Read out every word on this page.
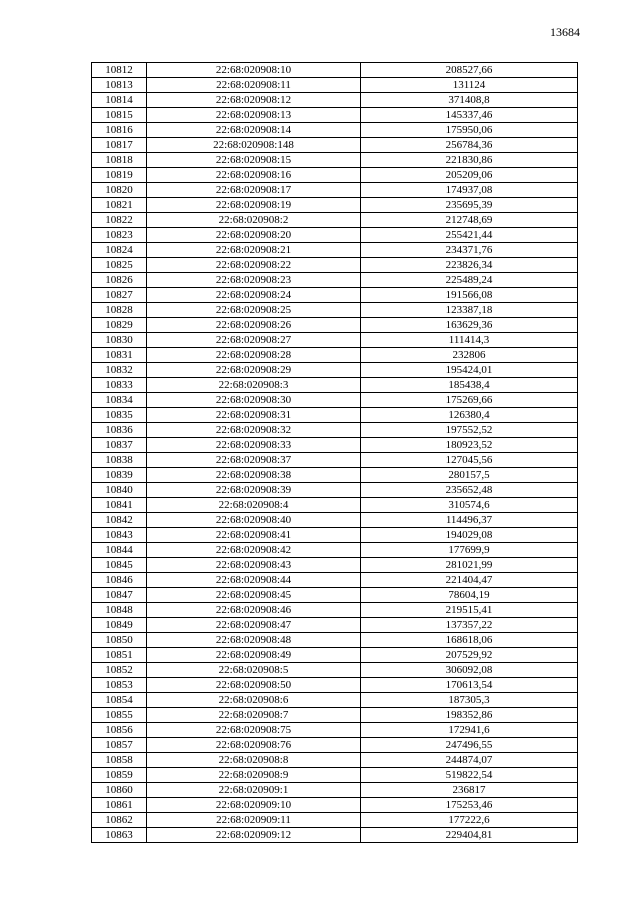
13684
10812	22:68:020908:10	208527,66
10813	22:68:020908:11	131124
10814	22:68:020908:12	371408,8
10815	22:68:020908:13	145337,46
10816	22:68:020908:14	175950,06
10817	22:68:020908:148	256784,36
10818	22:68:020908:15	221830,86
10819	22:68:020908:16	205209,06
10820	22:68:020908:17	174937,08
10821	22:68:020908:19	235695,39
10822	22:68:020908:2	212748,69
10823	22:68:020908:20	255421,44
10824	22:68:020908:21	234371,76
10825	22:68:020908:22	223826,34
10826	22:68:020908:23	225489,24
10827	22:68:020908:24	191566,08
10828	22:68:020908:25	123387,18
10829	22:68:020908:26	163629,36
10830	22:68:020908:27	111414,3
10831	22:68:020908:28	232806
10832	22:68:020908:29	195424,01
10833	22:68:020908:3	185438,4
10834	22:68:020908:30	175269,66
10835	22:68:020908:31	126380,4
10836	22:68:020908:32	197552,52
10837	22:68:020908:33	180923,52
10838	22:68:020908:37	127045,56
10839	22:68:020908:38	280157,5
10840	22:68:020908:39	235652,48
10841	22:68:020908:4	310574,6
10842	22:68:020908:40	114496,37
10843	22:68:020908:41	194029,08
10844	22:68:020908:42	177699,9
10845	22:68:020908:43	281021,99
10846	22:68:020908:44	221404,47
10847	22:68:020908:45	78604,19
10848	22:68:020908:46	219515,41
10849	22:68:020908:47	137357,22
10850	22:68:020908:48	168618,06
10851	22:68:020908:49	207529,92
10852	22:68:020908:5	306092,08
10853	22:68:020908:50	170613,54
10854	22:68:020908:6	187305,3
10855	22:68:020908:7	198352,86
10856	22:68:020908:75	172941,6
10857	22:68:020908:76	247496,55
10858	22:68:020908:8	244874,07
10859	22:68:020908:9	519822,54
10860	22:68:020909:1	236817
10861	22:68:020909:10	175253,46
10862	22:68:020909:11	177222,6
10863	22:68:020909:12	229404,81
